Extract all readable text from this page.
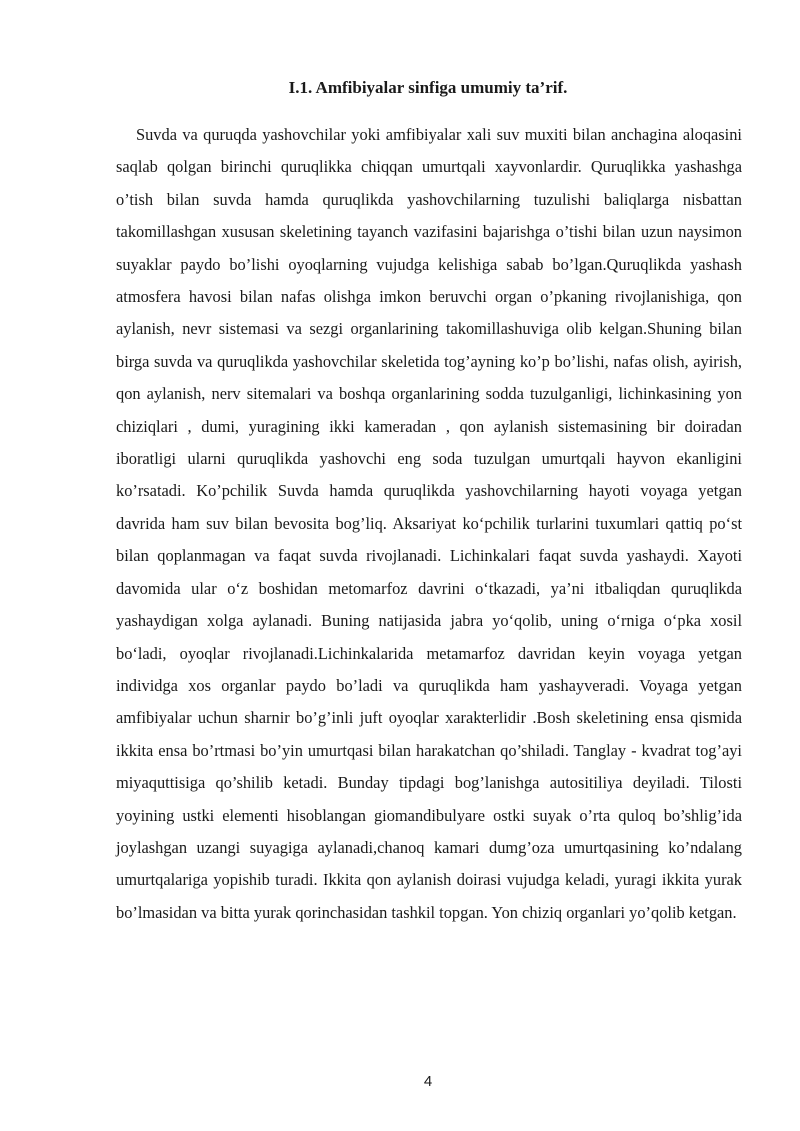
I.1. Amfibiyalar sinfiga umumiy ta’rif.

Suvda va quruqda yashovchilar yoki amfibiyalar xali suv muxiti bilan anchagina aloqasini saqlab qolgan birinchi quruqlikka chiqqan umurtqali xayvonlardir. Quruqlikka yashashga o’tish bilan suvda hamda quruqlikda yashovchilarning tuzulishi baliqlarga nisbattan takomillashgan xususan skeletining tayanch vazifasini bajarishga o’tishi bilan uzun naysimon suyaklar paydo bo’lishi oyoqlarning vujudga kelishiga sabab bo’lgan.Quruqlikda yashash atmosfera havosi bilan nafas olishga imkon beruvchi organ o’pkaning rivojlanishiga, qon aylanish, nevr sistemasi va sezgi organlarining takomillashuviga olib kelgan.Shuning bilan birga suvda va quruqlikda yashovchilar skeletida tog’ayning ko’p bo’lishi, nafas olish, ayirish, qon aylanish, nerv sitemalari va boshqa organlarining sodda tuzulganligi, lichinkasining yon chiziqlari , dumi, yuragining ikki kameradan , qon aylanish sistemasining bir doiradan iboratligi ularni quruqlikda yashovchi eng soda tuzulgan umurtqali hayvon ekanligini ko’rsatadi. Ko’pchilik Suvda hamda quruqlikda yashovchilarning hayoti voyaga yetgan davrida ham suv bilan bevosita bog’liq. Aksariyat ko‘pchilik turlarini tuxumlari qattiq po‘st bilan qoplanmagan va faqat suvda rivojlanadi. Lichinkalari faqat suvda yashaydi. Xayoti davomida ular o‘z boshidan metomarfoz davrini o‘tkazadi, ya’ni itbaliqdan quruqlikda yashaydigan xolga aylanadi. Buning natijasida jabra yo‘qolib, uning o‘rniga o‘pka xosil bo‘ladi, oyoqlar rivojlanadi.Lichinkalarida metamarfoz davridan keyin voyaga yetgan individga xos organlar paydo bo’ladi va quruqlikda ham yashayveradi. Voyaga yetgan amfibiyalar uchun sharnir bo’g’inli juft oyoqlar xarakterlidir .Bosh skeletining ensa qismida ikkita ensa bo’rtmasi bo’yin umurtqasi bilan harakatchan qo’shiladi. Tanglay - kvadrat tog’ayi miyaquttisiga qo’shilib ketadi. Bunday tipdagi bog’lanishga autositiliya deyiladi. Tilosti yoyining ustki elementi hisoblangan giomandibulyare ostki suyak o’rta quloq bo’shlig’ida joylashgan uzangi suyagiga aylanadi,chanoq kamari dumg’oza umurtqasining ko’ndalang umurtqalariga yopishib turadi. Ikkita qon aylanish doirasi vujudga keladi, yuragi ikkita yurak bo’lmasidan va bitta yurak qorinchasidan tashkil topgan. Yon chiziq organlari yo’qolib ketgan.

4
